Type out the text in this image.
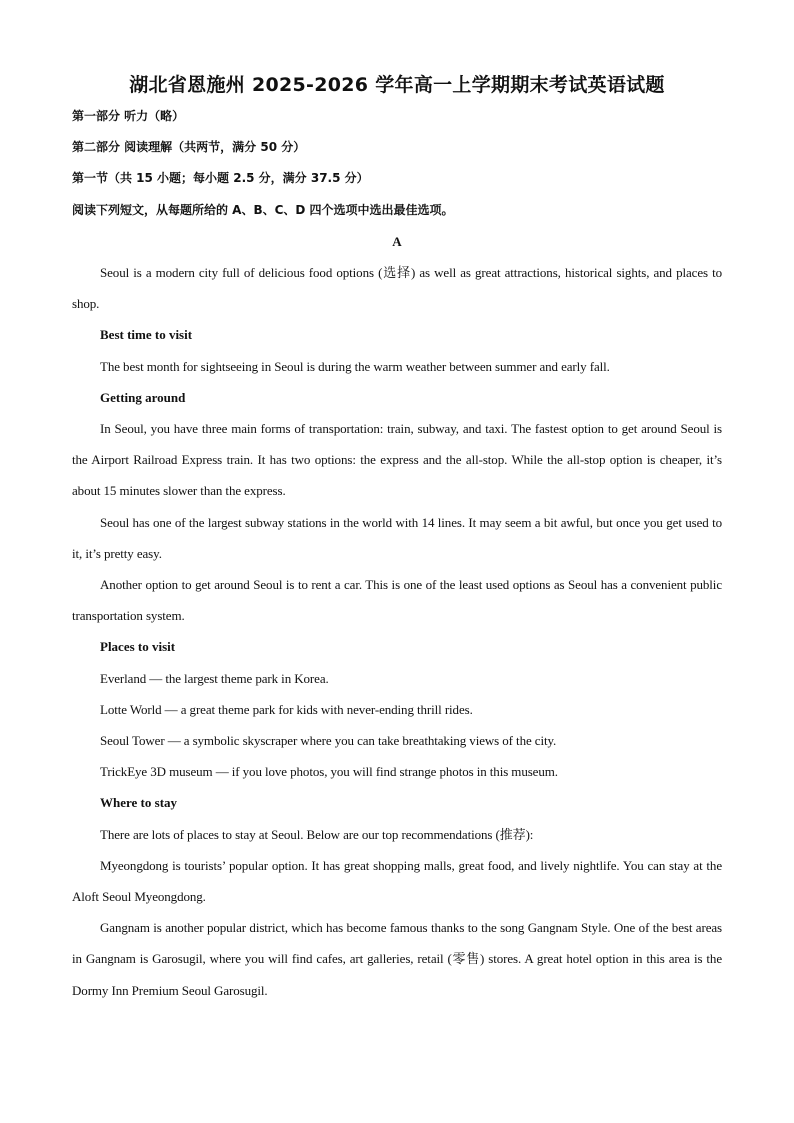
湖北省恩施州 2025-2026 学年高一上学期期末考试英语试题
第一部分 听力（略）
第二部分 阅读理解（共两节，满分 50 分）
第一节（共 15 小题；每小题 2.5 分，满分 37.5 分）
阅读下列短文，从每题所给的 A、B、C、D 四个选项中选出最佳选项。
A

Seoul is a modern city full of delicious food options (选择) as well as great attractions, historical sights, and places to shop.

Best time to visit

The best month for sightseeing in Seoul is during the warm weather between summer and early fall.

Getting around

In Seoul, you have three main forms of transportation: train, subway, and taxi. The fastest option to get around Seoul is the Airport Railroad Express train. It has two options: the express and the all-stop. While the all-stop option is cheaper, it’s about 15 minutes slower than the express.

Seoul has one of the largest subway stations in the world with 14 lines. It may seem a bit awful, but once you get used to it, it’s pretty easy.

Another option to get around Seoul is to rent a car. This is one of the least used options as Seoul has a convenient public transportation system.

Places to visit

Everland — the largest theme park in Korea.

Lotte World — a great theme park for kids with never-ending thrill rides.

Seoul Tower — a symbolic skyscraper where you can take breathtaking views of the city.

TrickEye 3D museum — if you love photos, you will find strange photos in this museum.

Where to stay

There are lots of places to stay at Seoul. Below are our top recommendations (推荐):

Myeongdong is tourists’ popular option. It has great shopping malls, great food, and lively nightlife. You can stay at the Aloft Seoul Myeongdong.

Gangnam is another popular district, which has become famous thanks to the song Gangnam Style. One of the best areas in Gangnam is Garosugil, where you will find cafes, art galleries, retail (零售) stores. A great hotel option in this area is the Dormy Inn Premium Seoul Garosugil.
